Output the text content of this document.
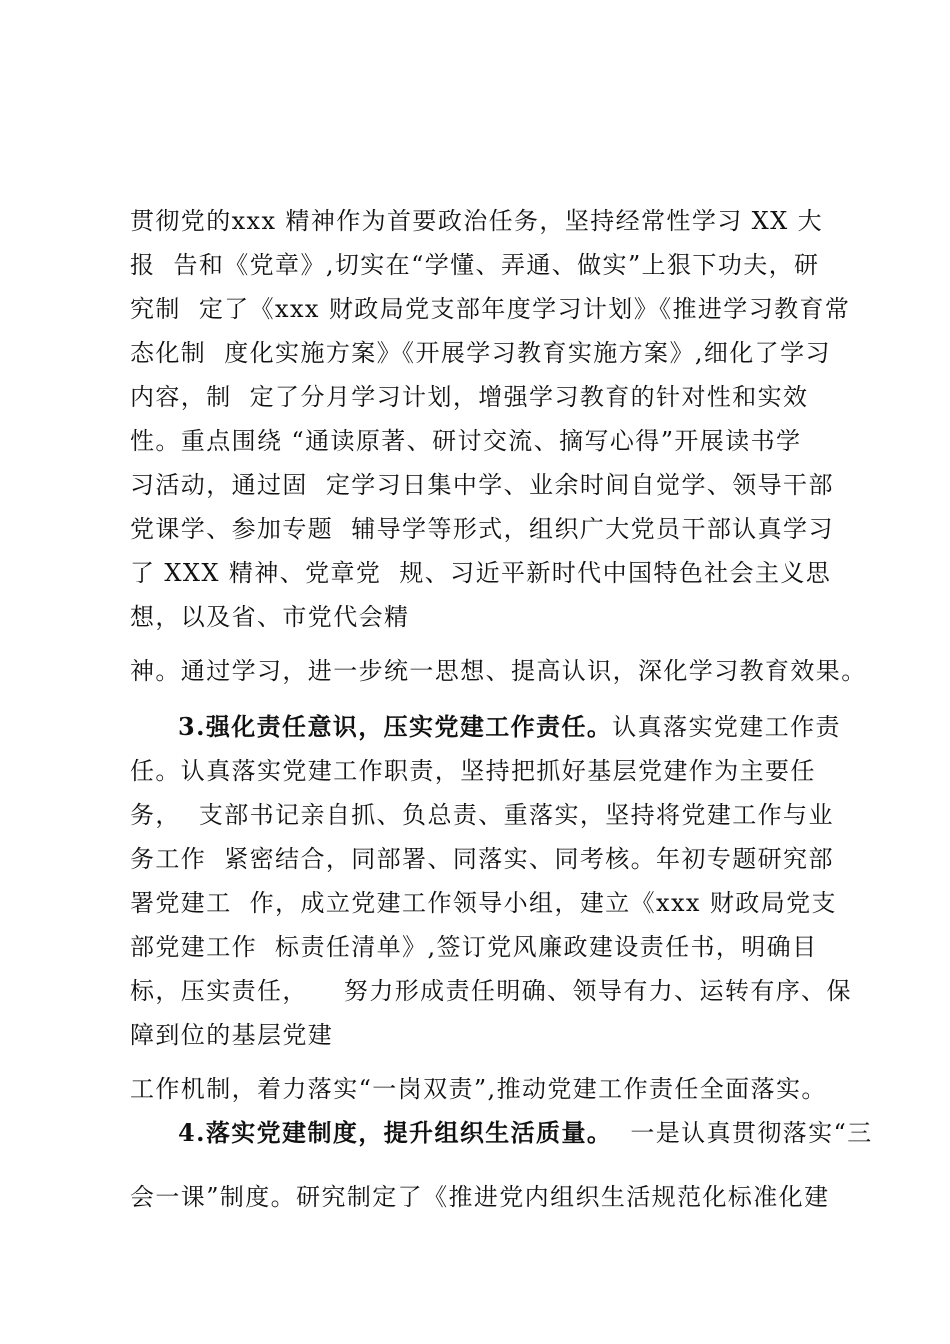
贯彻党的xxx 精神作为首要政治任务，坚持经常性学习 XX 大
报  告和《党章》,切实在“学懂、弄通、做实”上狠下功夫，研
究制  定了《xxx 财政局党支部年度学习计划》《推进学习教育常
态化制  度化实施方案》《开展学习教育实施方案》,细化了学习
内容，制  定了分月学习计划，增强学习教育的针对性和实效
性。重点围绕 “通读原著、研讨交流、摘写心得”开展读书学
习活动，通过固  定学习日集中学、业余时间自觉学、领导干部
党课学、参加专题  辅导学等形式，组织广大党员干部认真学习
了 XXX 精神、党章党  规、习近平新时代中国特色社会主义思
想，以及省、市党代会精
神。通过学习，进一步统一思想、提高认识，深化学习教育效果。
3.强化责任意识，压实党建工作责任。认真落实党建工作责
任。认真落实党建工作职责，坚持把抓好基层党建作为主要任
务，  支部书记亲自抓、负总责、重落实，坚持将党建工作与业
务工作  紧密结合，同部署、同落实、同考核。年初专题研究部
署党建工  作，成立党建工作领导小组，建立《xxx 财政局党支
部党建工作  标责任清单》,签订党风廉政建设责任书，明确目
标，压实责任，    努力形成责任明确、领导有力、运转有序、保
障到位的基层党建
工作机制，着力落实“一岗双责”,推动党建工作责任全面落实。
4.落实党建制度，提升组织生活质量。  一是认真贯彻落实“三
会一课”制度。研究制定了《推进党内组织生活规范化标准化建
